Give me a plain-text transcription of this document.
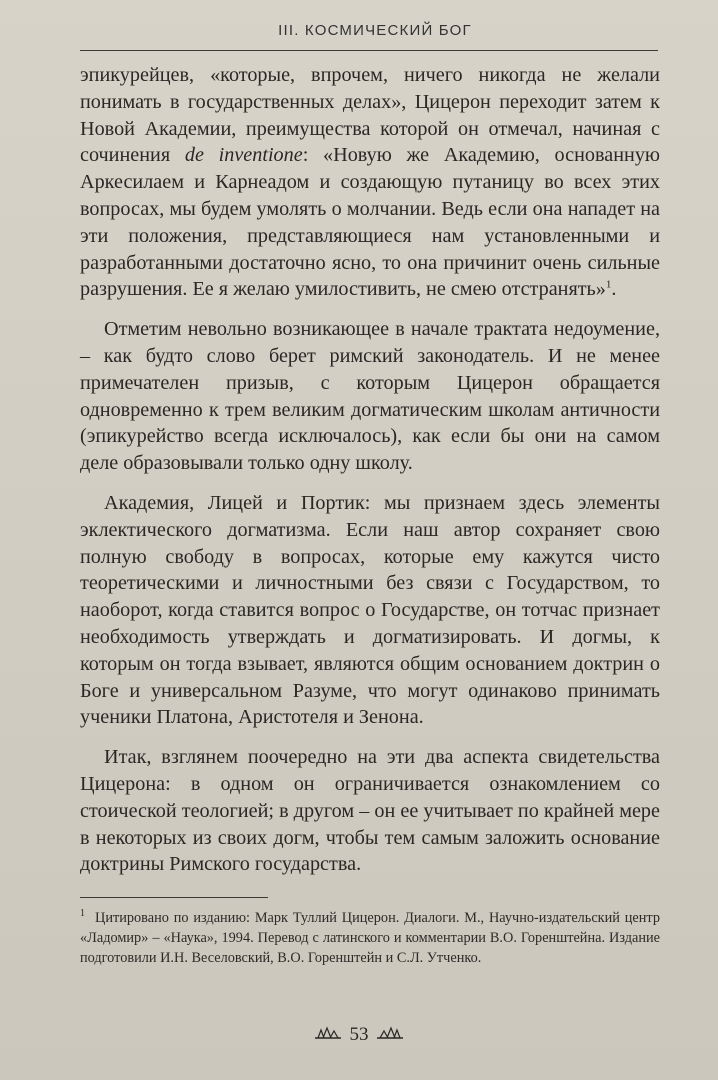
III. КОСМИЧЕСКИЙ БОГ

эпикурейцев, «которые, впрочем, ничего никогда не желали понимать в государственных делах», Цицерон переходит затем к Новой Академии, преимущества которой он отмечал, начиная с сочинения de inventione: «Новую же Академию, основанную Аркесилаем и Карнеадом и создающую путаницу во всех этих вопросах, мы будем умолять о молчании. Ведь если она нападет на эти положения, представляющиеся нам установленными и разработанными достаточно ясно, то она причинит очень сильные разрушения. Ее я желаю умилостивить, не смею отстранять»$^1$.

Отметим невольно возникающее в начале трактата недоумение, – как будто слово берет римский законодатель. И не менее примечателен призыв, с которым Цицерон обращается одновременно к трем великим догматическим школам античности (эпикурейство всегда исключалось), как если бы они на самом деле образовывали только одну школу.

Академия, Лицей и Портик: мы признаем здесь элементы эклектического догматизма. Если наш автор сохраняет свою полную свободу в вопросах, которые ему кажутся чисто теоретическими и личностными без связи с Государством, то наоборот, когда ставится вопрос о Государстве, он тотчас признает необходимость утверждать и догматизировать. И догмы, к которым он тогда взывает, являются общим основанием доктрин о Боге и универсальном Разуме, что могут одинаково принимать ученики Платона, Аристотеля и Зенона.

Итак, взглянем поочередно на эти два аспекта свидетельства Цицерона: в одном он ограничивается ознакомлением со стоической теологией; в другом – он ее учитывает по крайней мере в некоторых из своих догм, чтобы тем самым заложить основание доктрины Римского государства.

$^1$ Цитировано по изданию: Марк Туллий Цицерон. Диалоги. М., Научно-издательский центр «Ладомир» – «Наука», 1994. Перевод с латинского и комментарии В.О. Горенштейна. Издание подготовили И.Н. Веселовский, В.О. Горенштейн и С.Л. Утченко.
53
